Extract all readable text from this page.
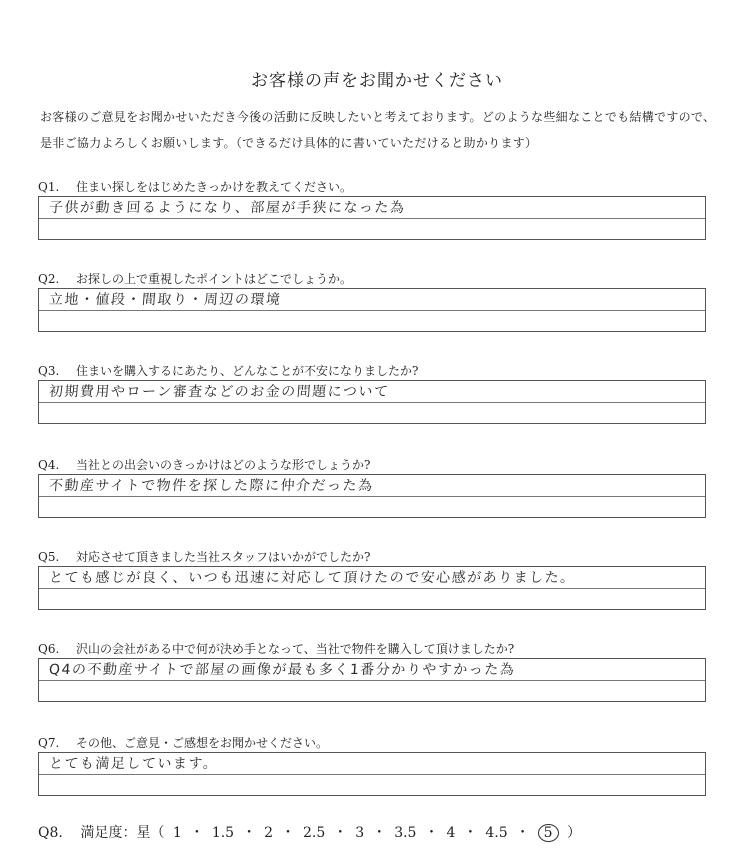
お客様の声をお聞かせください
お客様のご意見をお聞かせいただき今後の活動に反映したいと考えております。どのような些細なことでも結構ですので、是非ご協力よろしくお願いします。（できるだけ具体的に書いていただけると助かります）
Q1. 住まい探しをはじめたきっかけを教えてください。
子供が動き回るようになり、部屋が手狭になった為
Q2. お探しの上で重視したポイントはどこでしょうか。
立地・値段・間取り・周辺の環境
Q3. 住まいを購入するにあたり、どんなことが不安になりましたか?
初期費用やローン審査などのお金の問題について
Q4. 当社との出会いのきっかけはどのような形でしょうか?
不動産サイトで物件を探した際に仲介だった為
Q5. 対応させて頂きました当社スタッフはいかがでしたか?
とても感じが良く、いつも迅速に対応して頂けたので安心感がありました。
Q6. 沢山の会社がある中で何が決め手となって、当社で物件を購入して頂けましたか?
Q4の不動産サイトで部屋の画像が最も多く1番分かりやすかった為
Q7. その他、ご意見・ご感想をお聞かせください。
とても満足しています。
Q8. 満足度：星（ 1 ・ 1.5 ・ 2 ・ 2.5 ・ 3 ・ 3.5 ・ 4 ・ 4.5 ・ 5 ）
